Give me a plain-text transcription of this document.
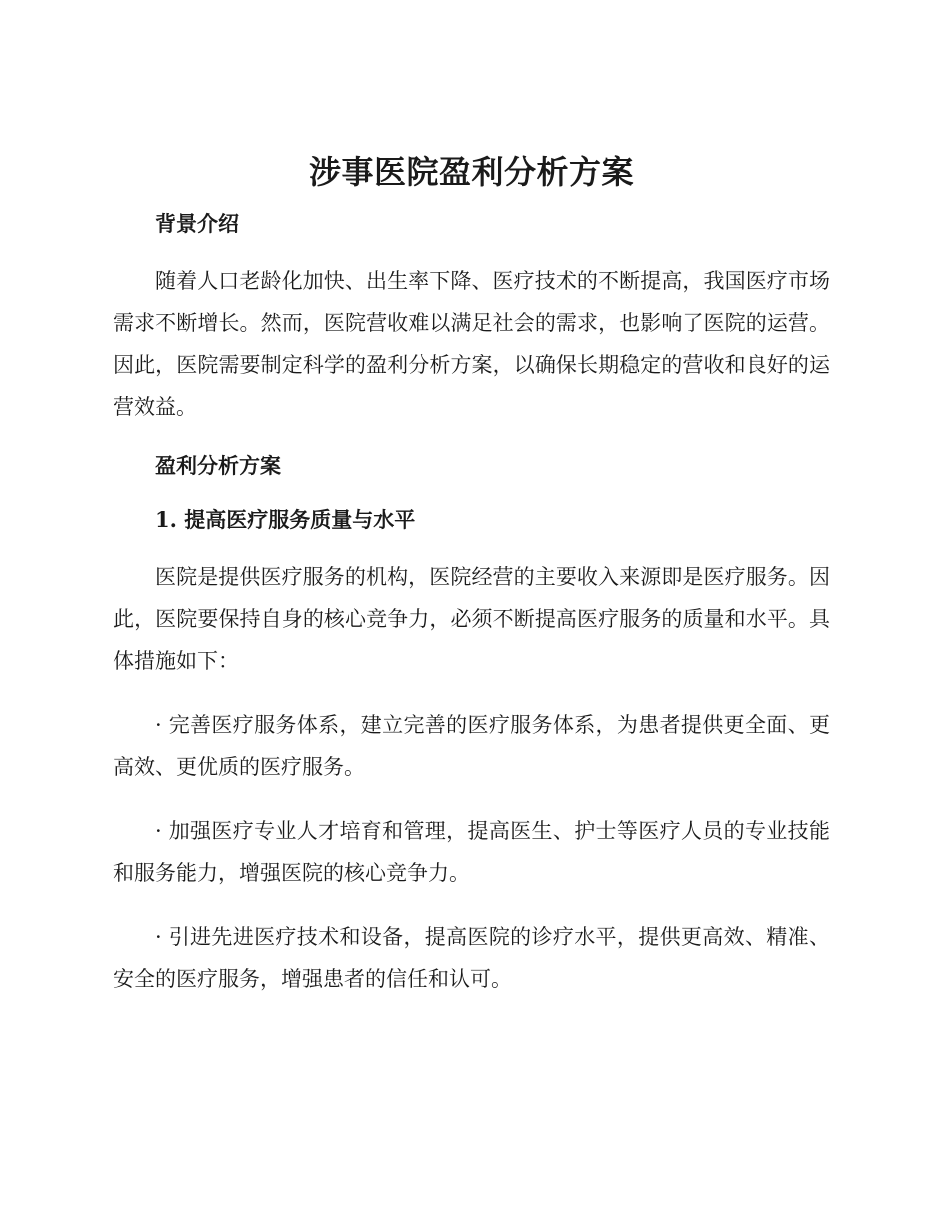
涉事医院盈利分析方案
背景介绍

随着人口老龄化加快、出生率下降、医疗技术的不断提高，我国医疗市场需求不断增长。然而，医院营收难以满足社会的需求，也影响了医院的运营。因此，医院需要制定科学的盈利分析方案，以确保长期稳定的营收和良好的运营效益。

盈利分析方案
1. 提高医疗服务质量与水平

医院是提供医疗服务的机构，医院经营的主要收入来源即是医疗服务。因此，医院要保持自身的核心竞争力，必须不断提高医疗服务的质量和水平。具体措施如下：

· 完善医疗服务体系，建立完善的医疗服务体系，为患者提供更全面、更高效、更优质的医疗服务。

· 加强医疗专业人才培育和管理，提高医生、护士等医疗人员的专业技能和服务能力，增强医院的核心竞争力。

· 引进先进医疗技术和设备，提高医院的诊疗水平，提供更高效、精准、安全的医疗服务，增强患者的信任和认可。
